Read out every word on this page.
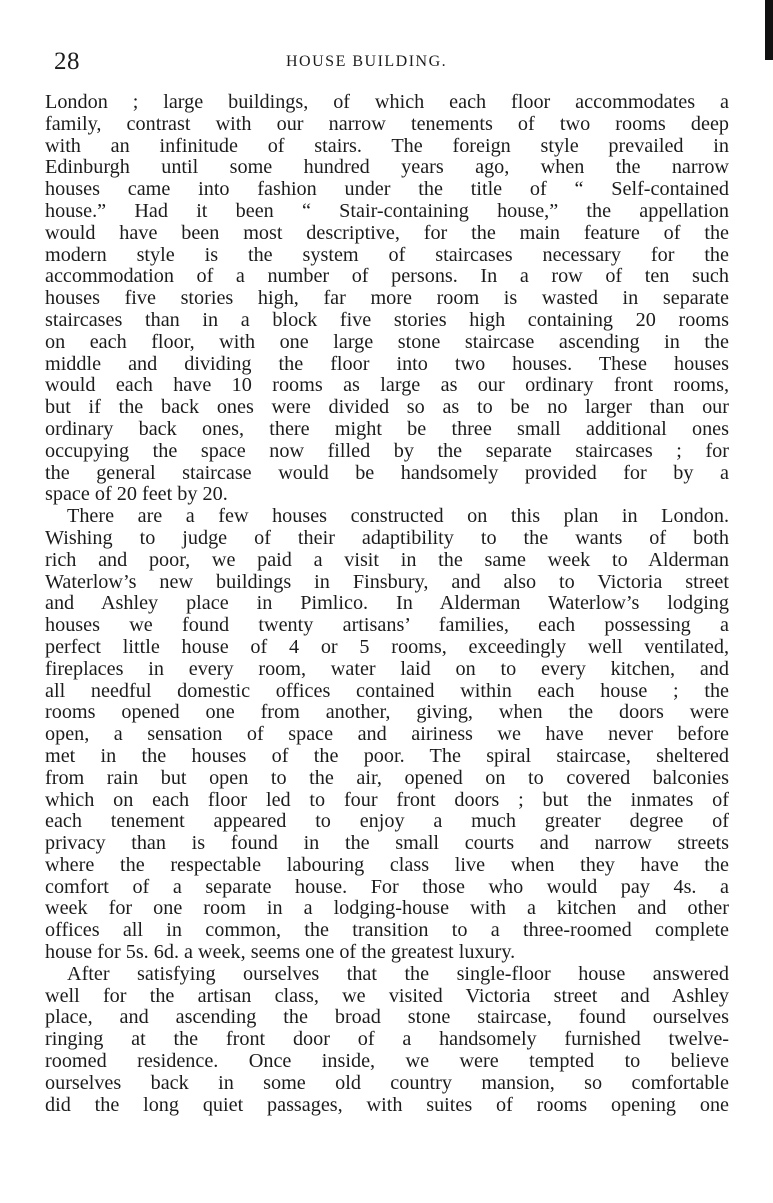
28	HOUSE BUILDING.

London ; large buildings, of which each floor accommodates a
family, contrast with our narrow tenements of two rooms deep
with an infinitude of stairs. The foreign style prevailed in
Edinburgh until some hundred years ago, when the narrow
houses came into fashion under the title of “ Self-contained
house.” Had it been “ Stair-containing house,” the appellation
would have been most descriptive, for the main feature of the
modern style is the system of staircases necessary for the
accommodation of a number of persons. In a row of ten such
houses five stories high, far more room is wasted in separate
staircases than in a block five stories high containing 20 rooms
on each floor, with one large stone staircase ascending in the
middle and dividing the floor into two houses. These houses
would each have 10 rooms as large as our ordinary front rooms,
but if the back ones were divided so as to be no larger than our
ordinary back ones, there might be three small additional ones
occupying the space now filled by the separate staircases ; for
the general staircase would be handsomely provided for by a
space of 20 feet by 20.

There are a few houses constructed on this plan in London.
Wishing to judge of their adaptibility to the wants of both
rich and poor, we paid a visit in the same week to Alderman
Waterlow’s new buildings in Finsbury, and also to Victoria street
and Ashley place in Pimlico. In Alderman Waterlow’s lodging
houses we found twenty artisans’ families, each possessing a
perfect little house of 4 or 5 rooms, exceedingly well ventilated,
fireplaces in every room, water laid on to every kitchen, and
all needful domestic offices contained within each house ; the
rooms opened one from another, giving, when the doors were
open, a sensation of space and airiness we have never before
met in the houses of the poor. The spiral staircase, sheltered
from rain but open to the air, opened on to covered balconies
which on each floor led to four front doors ; but the inmates of
each tenement appeared to enjoy a much greater degree of
privacy than is found in the small courts and narrow streets
where the respectable labouring class live when they have the
comfort of a separate house. For those who would pay 4s. a
week for one room in a lodging-house with a kitchen and other
offices all in common, the transition to a three-roomed complete
house for 5s. 6d. a week, seems one of the greatest luxury.

After satisfying ourselves that the single-floor house answered
well for the artisan class, we visited Victoria street and Ashley
place, and ascending the broad stone staircase, found ourselves
ringing at the front door of a handsomely furnished twelve-
roomed residence. Once inside, we were tempted to believe
ourselves back in some old country mansion, so comfortable
did the long quiet passages, with suites of rooms opening one
